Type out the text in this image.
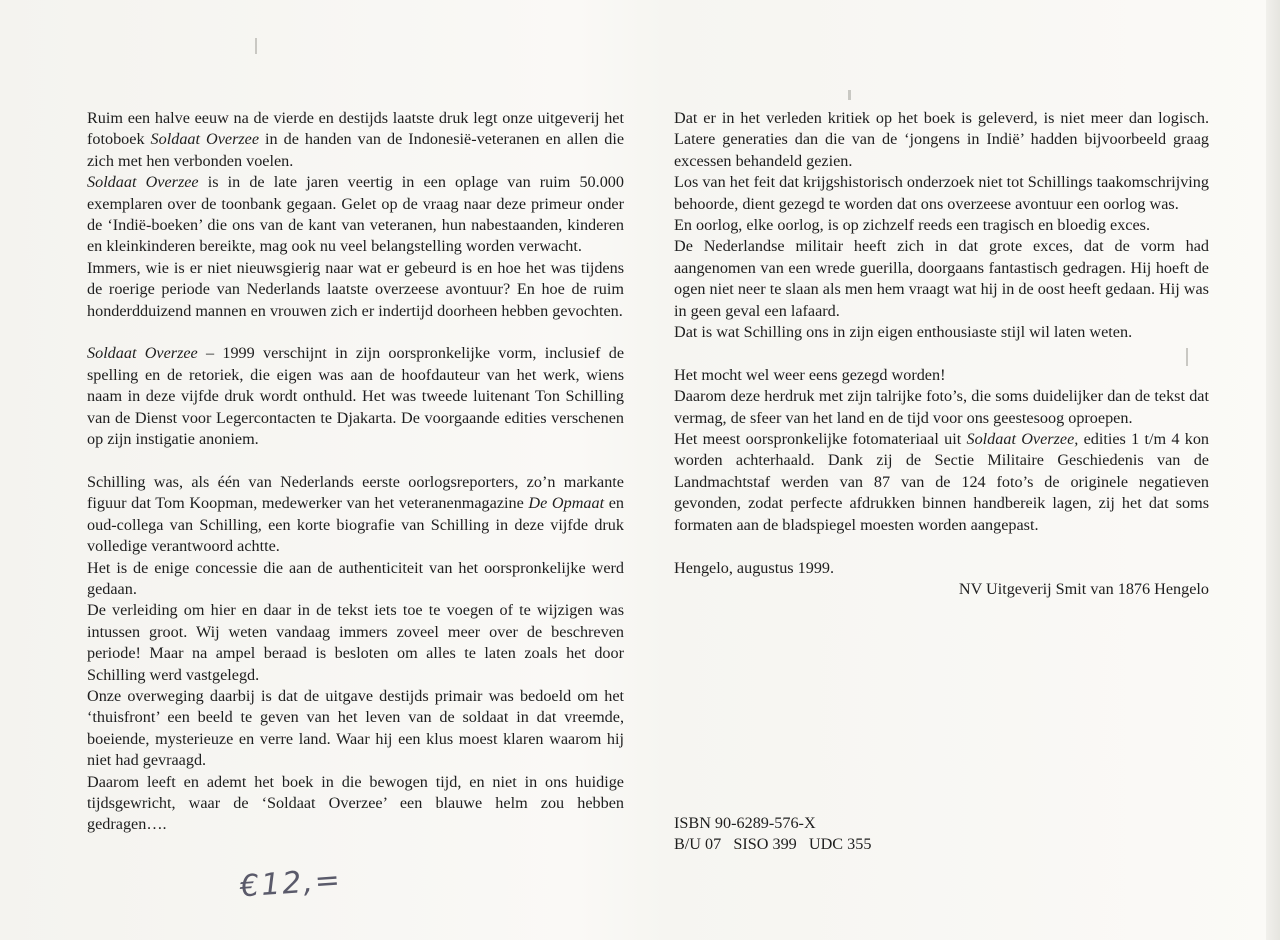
Ruim een halve eeuw na de vierde en destijds laatste druk legt onze uitgeverij het fotoboek Soldaat Overzee in de handen van de Indonesië-veteranen en allen die zich met hen verbonden voelen.

Soldaat Overzee is in de late jaren veertig in een oplage van ruim 50.000 exemplaren over de toonbank gegaan. Gelet op de vraag naar deze primeur onder de ‘Indië-boeken’ die ons van de kant van veteranen, hun nabestaanden, kinderen en kleinkinderen bereikte, mag ook nu veel belangstelling worden verwacht.

Immers, wie is er niet nieuwsgierig naar wat er gebeurd is en hoe het was tijdens de roerige periode van Nederlands laatste overzeese avontuur? En hoe de ruim honderdduizend mannen en vrouwen zich er indertijd doorheen hebben gevochten.

Soldaat Overzee – 1999 verschijnt in zijn oorspronkelijke vorm, inclusief de spelling en de retoriek, die eigen was aan de hoofdauteur van het werk, wiens naam in deze vijfde druk wordt onthuld. Het was tweede luitenant Ton Schilling van de Dienst voor Legercontacten te Djakarta. De voorgaande edities verschenen op zijn instigatie anoniem.

Schilling was, als één van Nederlands eerste oorlogsreporters, zo’n markante figuur dat Tom Koopman, medewerker van het veteranenmagazine De Opmaat en oud-collega van Schilling, een korte biografie van Schilling in deze vijfde druk volledige verantwoord achtte.

Het is de enige concessie die aan de authenticiteit van het oorspronkelijke werd gedaan.

De verleiding om hier en daar in de tekst iets toe te voegen of te wijzigen was intussen groot. Wij weten vandaag immers zoveel meer over de beschreven periode! Maar na ampel beraad is besloten om alles te laten zoals het door Schilling werd vastgelegd.

Onze overweging daarbij is dat de uitgave destijds primair was bedoeld om het ‘thuisfront’ een beeld te geven van het leven van de soldaat in dat vreemde, boeiende, mysterieuze en verre land. Waar hij een klus moest klaren waarom hij niet had gevraagd.

Daarom leeft en ademt het boek in die bewogen tijd, en niet in ons huidige tijdsgewricht, waar de ‘Soldaat Overzee’ een blauwe helm zou hebben gedragen….

Dat er in het verleden kritiek op het boek is geleverd, is niet meer dan logisch. Latere generaties dan die van de ‘jongens in Indië’ hadden bijvoorbeeld graag excessen behandeld gezien.

Los van het feit dat krijgshistorisch onderzoek niet tot Schillings taakomschrijving behoorde, dient gezegd te worden dat ons overzeese avontuur een oorlog was.

En oorlog, elke oorlog, is op zichzelf reeds een tragisch en bloedig exces.

De Nederlandse militair heeft zich in dat grote exces, dat de vorm had aangenomen van een wrede guerilla, doorgaans fantastisch gedragen. Hij hoeft de ogen niet neer te slaan als men hem vraagt wat hij in de oost heeft gedaan. Hij was in geen geval een lafaard.

Dat is wat Schilling ons in zijn eigen enthousiaste stijl wil laten weten.

Het mocht wel weer eens gezegd worden!

Daarom deze herdruk met zijn talrijke foto’s, die soms duidelijker dan de tekst dat vermag, de sfeer van het land en de tijd voor ons geestesoog oproepen.

Het meest oorspronkelijke fotomateriaal uit Soldaat Overzee, edities 1 t/m 4 kon worden achterhaald. Dank zij de Sectie Militaire Geschiedenis van de Landmachtstaf werden van 87 van de 124 foto’s de originele negatieven gevonden, zodat perfecte afdrukken binnen handbereik lagen, zij het dat soms formaten aan de bladspiegel moesten worden aangepast.

Hengelo, augustus 1999.

NV Uitgeverij Smit van 1876 Hengelo

ISBN 90-6289-576-X
B/U 07   SISO 399   UDC 355
€12,=
